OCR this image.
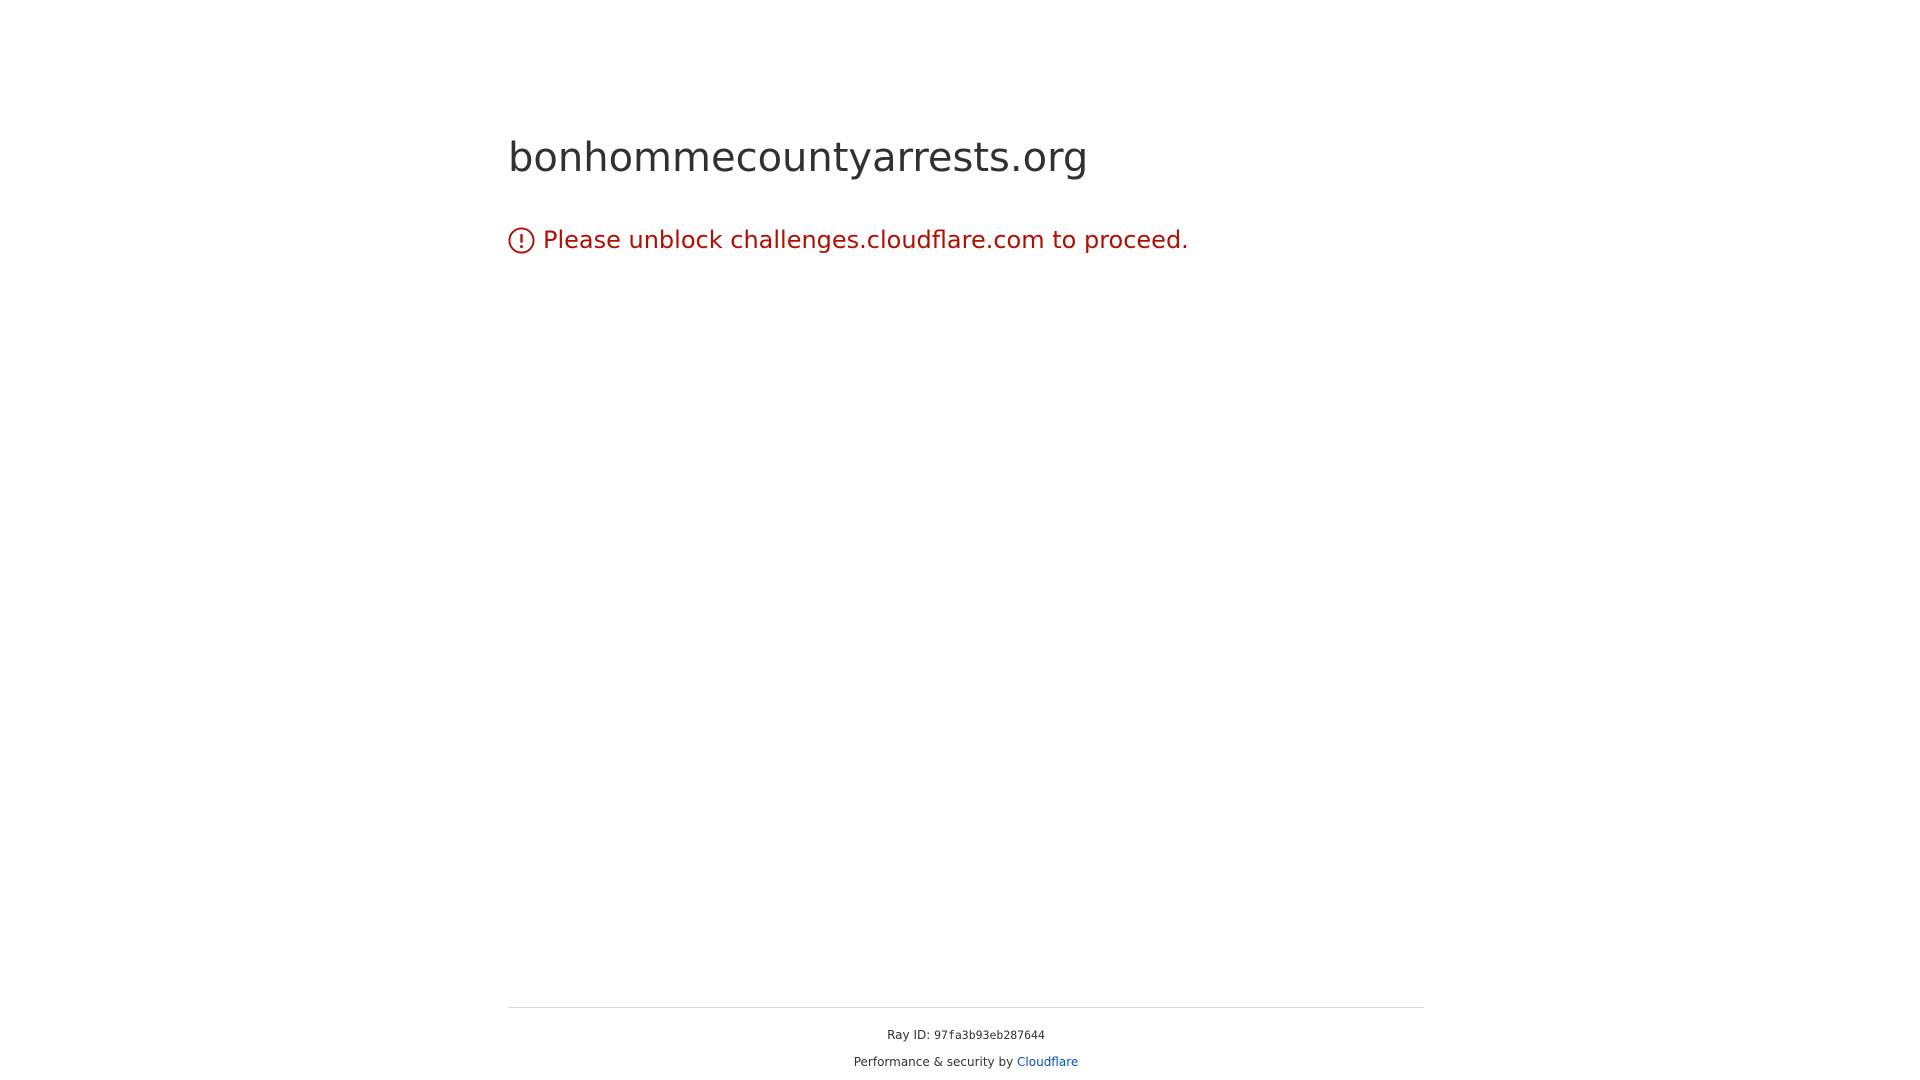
bonhommecountyarrests.org
Please unblock challenges.cloudflare.com to proceed.
Ray ID: 97fa3b93eb287644
Performance & security by Cloudflare
